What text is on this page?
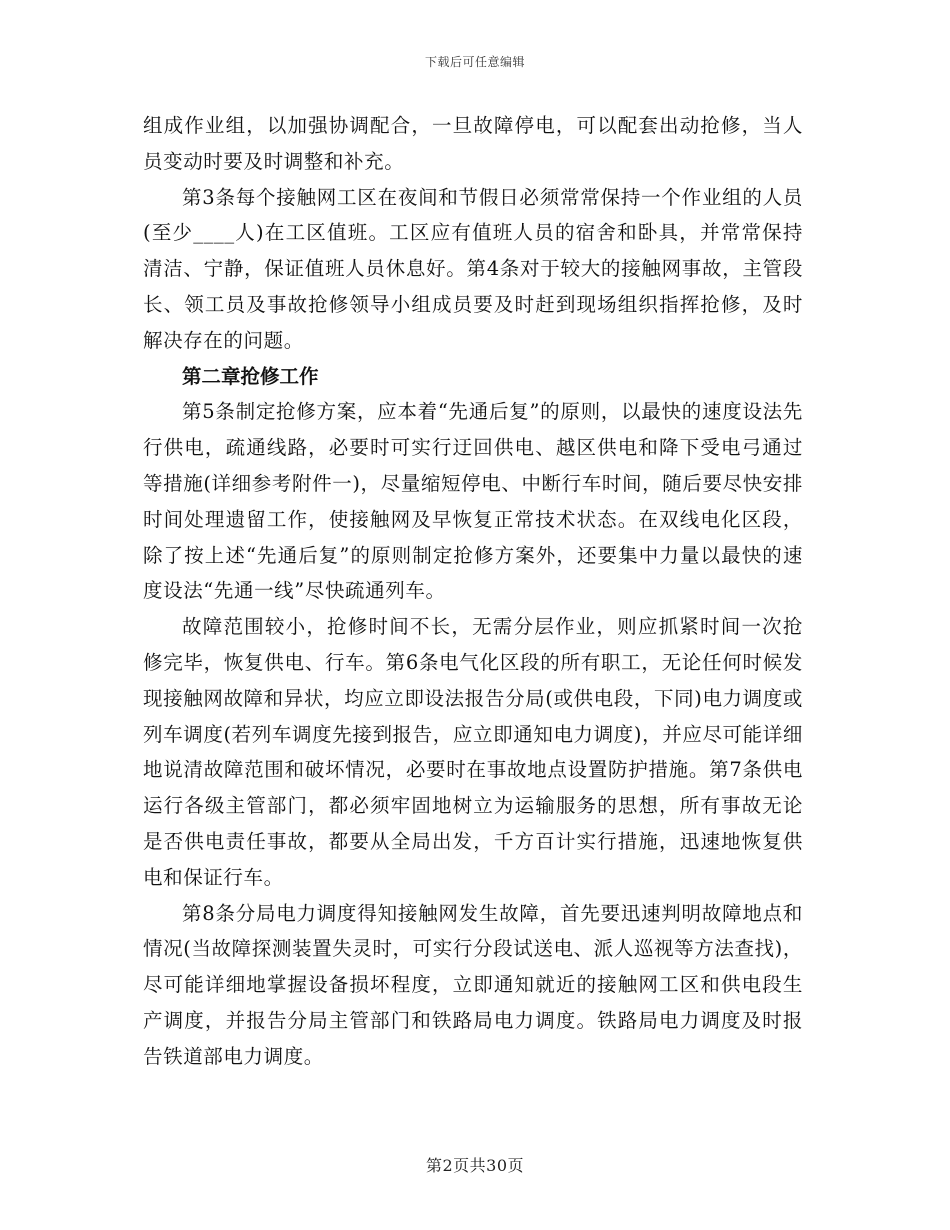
下载后可任意编辑

组成作业组，以加强协调配合，一旦故障停电，可以配套出动抢修，当人员变动时要及时调整和补充。

第3条每个接触网工区在夜间和节假日必须常常保持一个作业组的人员(至少____人)在工区值班。工区应有值班人员的宿舍和卧具，并常常保持清洁、宁静，保证值班人员休息好。第4条对于较大的接触网事故，主管段长、领工员及事故抢修领导小组成员要及时赶到现场组织指挥抢修，及时解决存在的问题。

第二章抢修工作

第5条制定抢修方案，应本着“先通后复”的原则，以最快的速度设法先行供电，疏通线路，必要时可实行迂回供电、越区供电和降下受电弓通过等措施(详细参考附件一)，尽量缩短停电、中断行车时间，随后要尽快安排时间处理遗留工作，使接触网及早恢复正常技术状态。在双线电化区段，除了按上述“先通后复”的原则制定抢修方案外，还要集中力量以最快的速度设法“先通一线”尽快疏通列车。

故障范围较小，抢修时间不长，无需分层作业，则应抓紧时间一次抢修完毕，恢复供电、行车。第6条电气化区段的所有职工，无论任何时候发现接触网故障和异状，均应立即设法报告分局(或供电段，下同)电力调度或列车调度(若列车调度先接到报告，应立即通知电力调度)，并应尽可能详细地说清故障范围和破坏情况，必要时在事故地点设置防护措施。第7条供电运行各级主管部门，都必须牢固地树立为运输服务的思想，所有事故无论是否供电责任事故，都要从全局出发，千方百计实行措施，迅速地恢复供电和保证行车。

第8条分局电力调度得知接触网发生故障，首先要迅速判明故障地点和情况(当故障探测装置失灵时，可实行分段试送电、派人巡视等方法查找)，尽可能详细地掌握设备损坏程度，立即通知就近的接触网工区和供电段生产调度，并报告分局主管部门和铁路局电力调度。铁路局电力调度及时报告铁道部电力调度。

第2页共30页
